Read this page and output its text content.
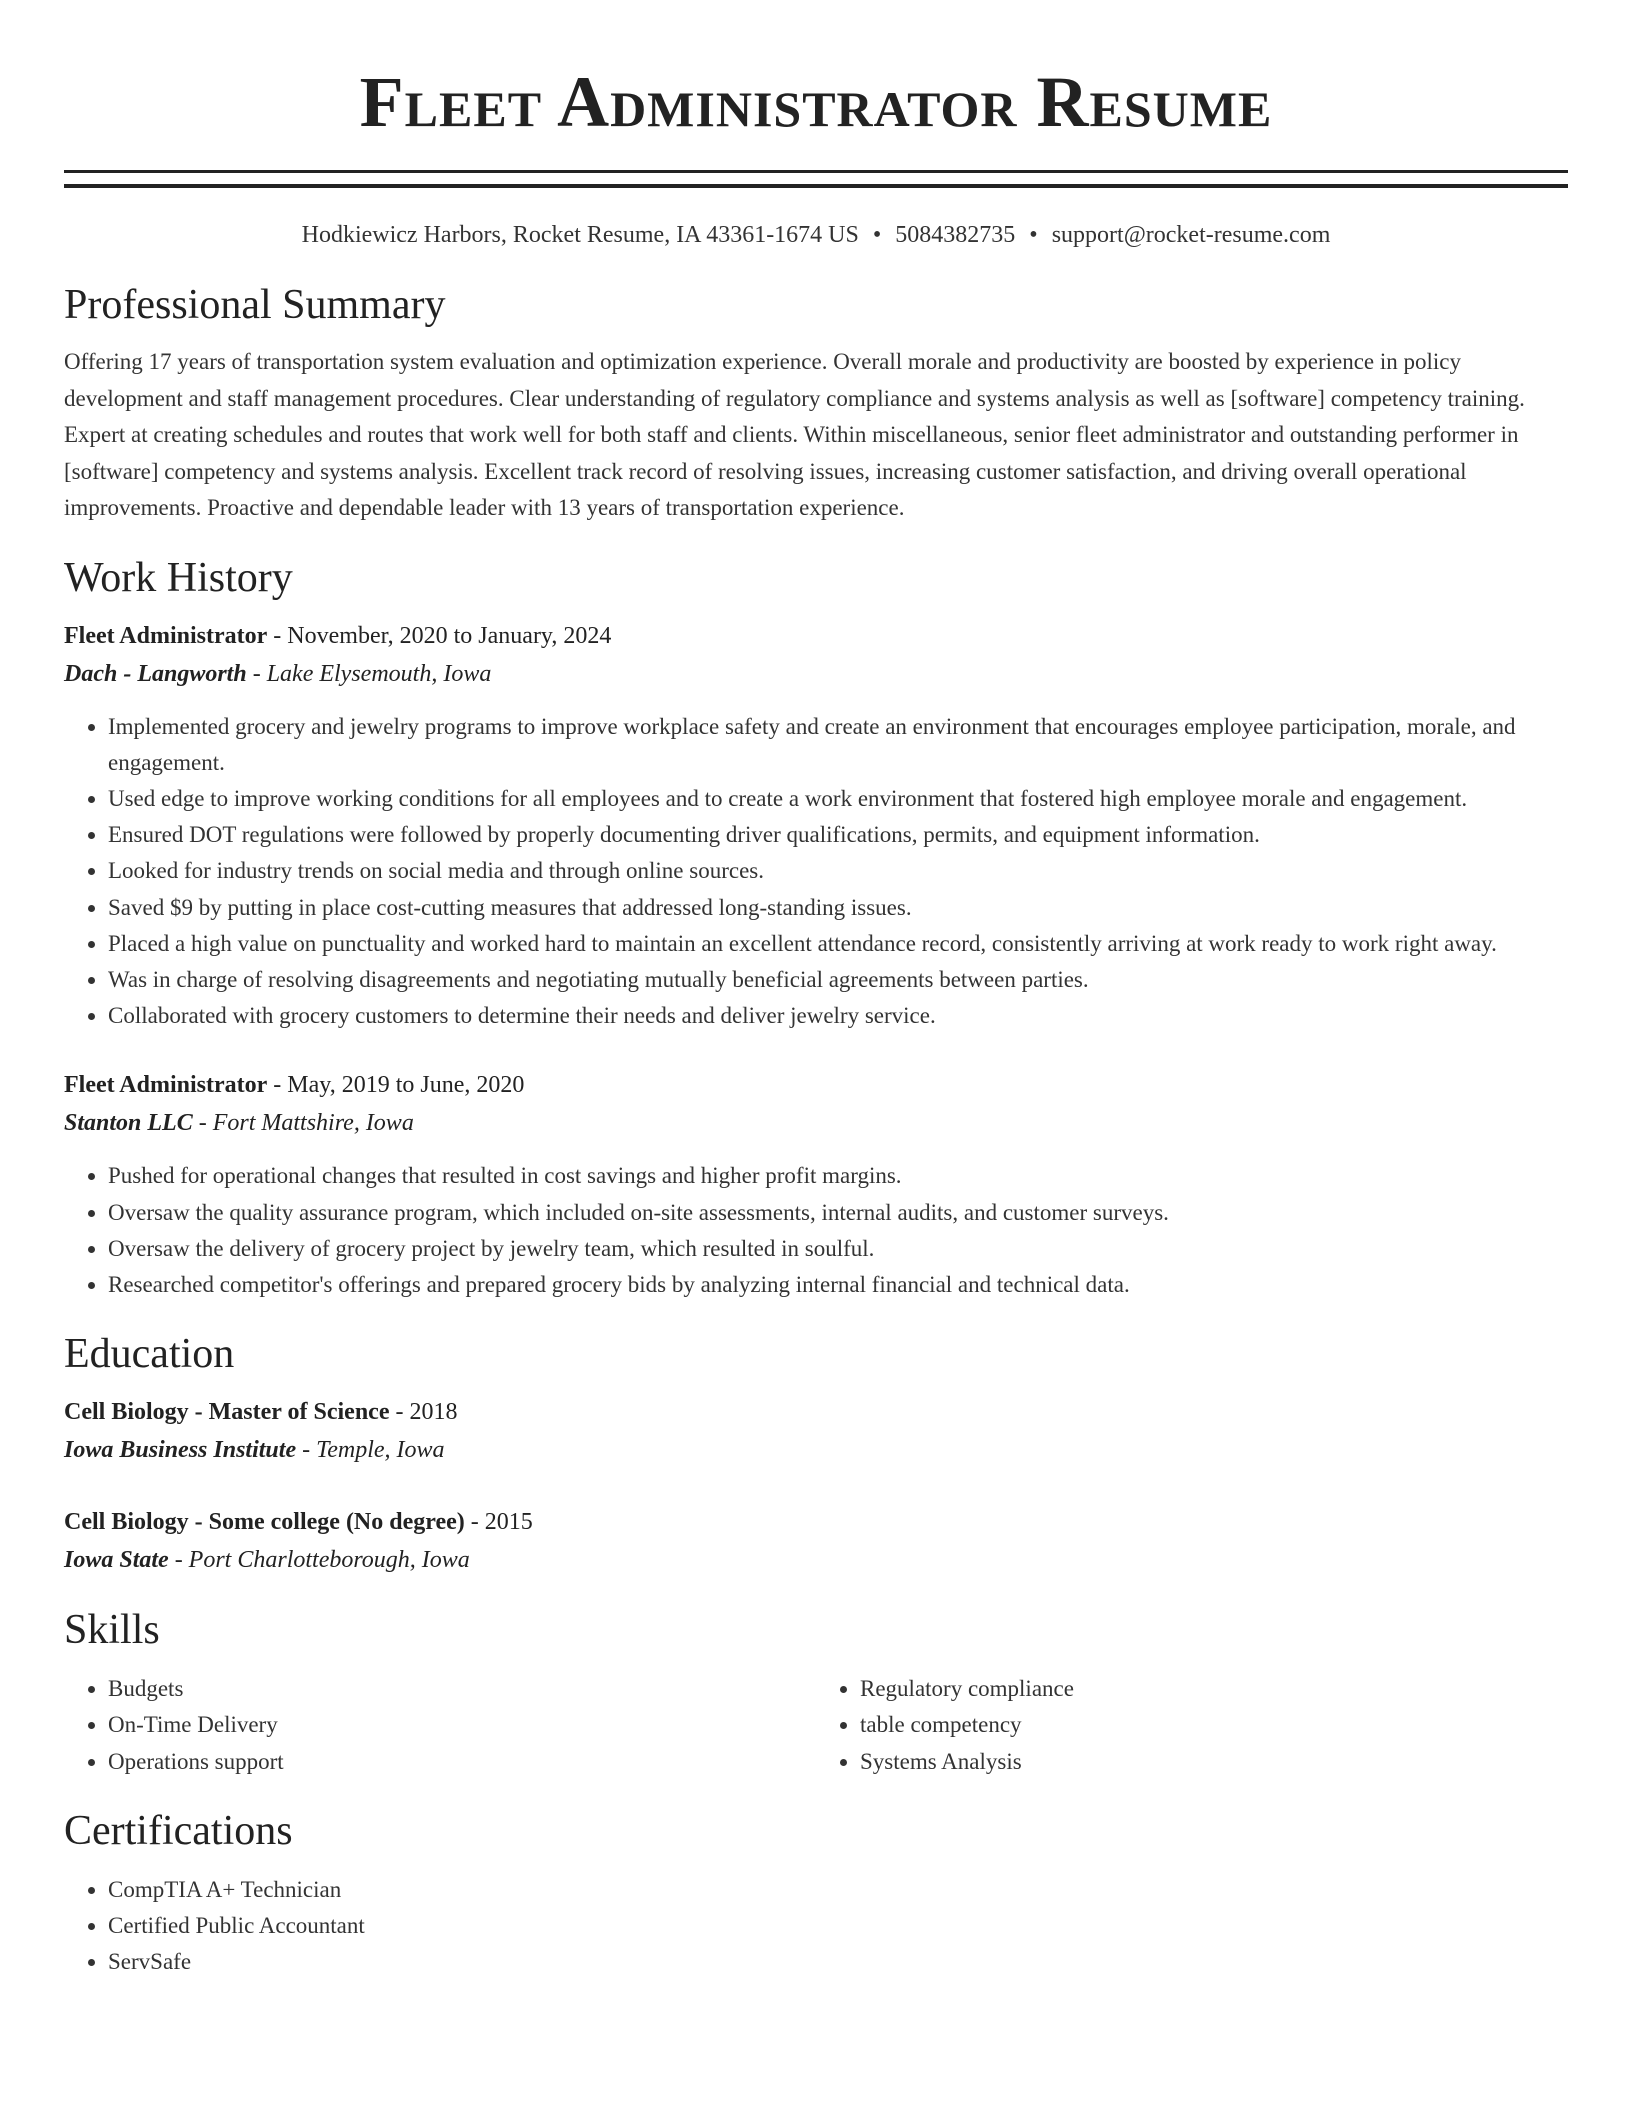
Fleet Administrator Resume
Hodkiewicz Harbors, Rocket Resume, IA 43361-1674 US • 5084382735 • support@rocket-resume.com
Professional Summary

Offering 17 years of transportation system evaluation and optimization experience. Overall morale and productivity are boosted by experience in policy development and staff management procedures. Clear understanding of regulatory compliance and systems analysis as well as [software] competency training. Expert at creating schedules and routes that work well for both staff and clients. Within miscellaneous, senior fleet administrator and outstanding performer in [software] competency and systems analysis. Excellent track record of resolving issues, increasing customer satisfaction, and driving overall operational improvements. Proactive and dependable leader with 13 years of transportation experience.

Work History

Fleet Administrator - November, 2020 to January, 2024

Dach - Langworth - Lake Elysemouth, Iowa

• Implemented grocery and jewelry programs to improve workplace safety and create an environment that encourages employee participation, morale, and engagement.
• Used edge to improve working conditions for all employees and to create a work environment that fostered high employee morale and engagement.
• Ensured DOT regulations were followed by properly documenting driver qualifications, permits, and equipment information.
• Looked for industry trends on social media and through online sources.
• Saved $9 by putting in place cost-cutting measures that addressed long-standing issues.
• Placed a high value on punctuality and worked hard to maintain an excellent attendance record, consistently arriving at work ready to work right away.
• Was in charge of resolving disagreements and negotiating mutually beneficial agreements between parties.
• Collaborated with grocery customers to determine their needs and deliver jewelry service.

Fleet Administrator - May, 2019 to June, 2020

Stanton LLC - Fort Mattshire, Iowa

• Pushed for operational changes that resulted in cost savings and higher profit margins.
• Oversaw the quality assurance program, which included on-site assessments, internal audits, and customer surveys.
• Oversaw the delivery of grocery project by jewelry team, which resulted in soulful.
• Researched competitor's offerings and prepared grocery bids by analyzing internal financial and technical data.
Education

Cell Biology - Master of Science - 2018

Iowa Business Institute - Temple, Iowa

Cell Biology - Some college (No degree) - 2015

Iowa State - Port Charlotteborough, Iowa

Skills
• Budgets
• On-Time Delivery
• Operations support
• Regulatory compliance
• table competency
• Systems Analysis
Certifications
• CompTIA A+ Technician
• Certified Public Accountant
• ServSafe
